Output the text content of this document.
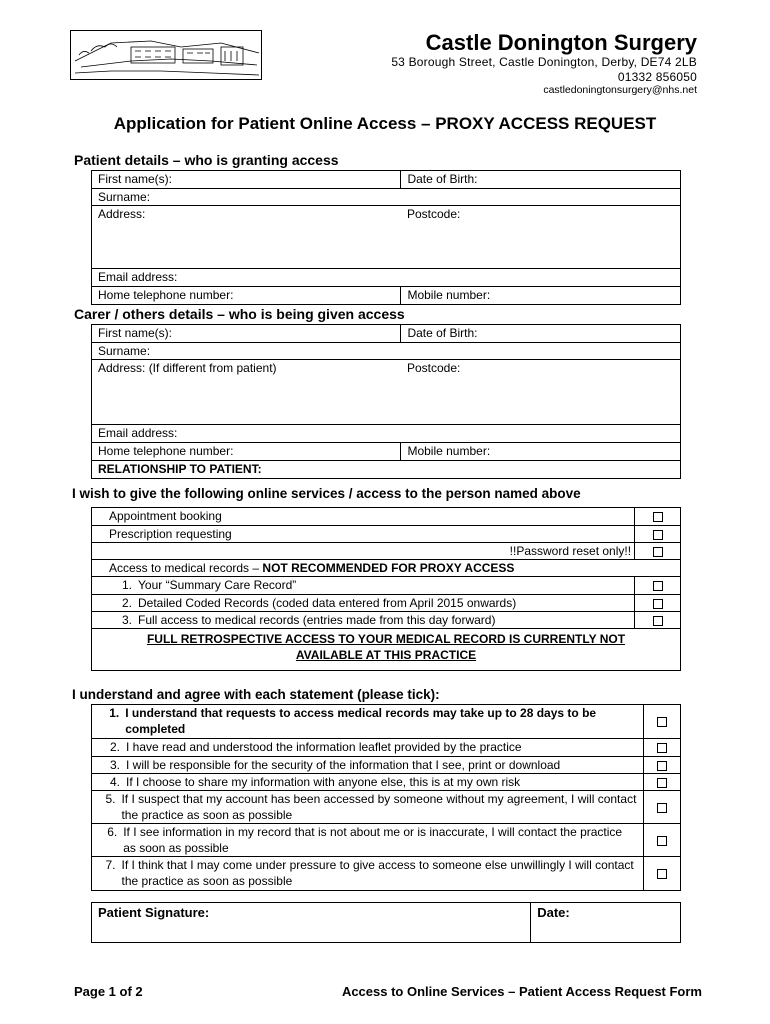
Castle Donington Surgery
53 Borough Street, Castle Donington, Derby, DE74 2LB
01332 856050
castledoningtonsurgery@nhs.net
Application for Patient Online Access – PROXY ACCESS REQUEST
Patient details – who is granting access
First name(s):	Date of Birth:
Surname:	
Address:	Postcode:
Email address:	
Home telephone number:	Mobile number:
Carer / others details – who is being given access
First name(s):	Date of Birth:
Surname:	
Address: (If different from patient)	Postcode:
Email address:	
Home telephone number:	Mobile number:
RELATIONSHIP TO PATIENT:	
I wish to give the following online services / access to the person named above
Appointment booking	
Prescription requesting	
!!Password reset only!!	
Access to medical records – NOT RECOMMENDED FOR PROXY ACCESS	
1. Your “Summary Care Record”	
2. Detailed Coded Records (coded data entered from April 2015 onwards)	
3. Full access to medical records (entries made from this day forward)	
FULL RETROSPECTIVE ACCESS TO YOUR MEDICAL RECORD IS CURRENTLY NOT
AVAILABLE AT THIS PRACTICE	
I understand and agree with each statement (please tick):
1. I understand that requests to access medical records may take up to 28 days to be completed	

2. I have read and understood the information leaflet provided by the practice	

3. I will be responsible for the security of the information that I see, print or download	

4. If I choose to share my information with anyone else, this is at my own risk	

5. If I suspect that my account has been accessed by someone without my agreement, I will contact the practice as soon as possible	

6. If I see information in my record that is not about me or is inaccurate, I will contact the practice as soon as possible	

7. If I think that I may come under pressure to give access to someone else unwillingly I will contact the practice as soon as possible	

Patient Signature:	Date:
Page 1 of 2	Access to Online Services – Patient Access Request Form
